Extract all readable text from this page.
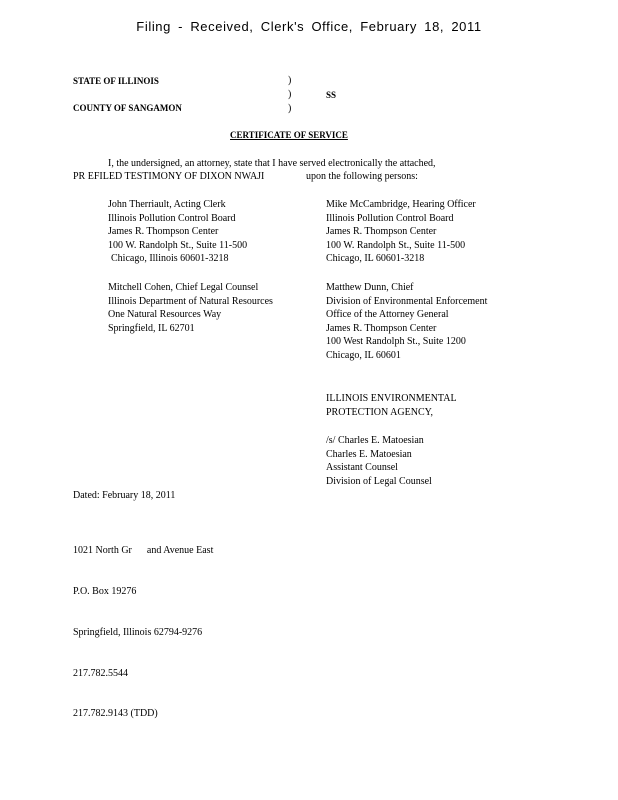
Filing - Received, Clerk's Office, February 18, 2011
STATE OF ILLINOIS
COUNTY OF SANGAMON
)
)
)
SS
CERTIFICATE OF SERVICE
I, the undersigned, an attorney, state that I have served electronically the attached,
PR EFILED TESTIMONY OF DIXON NWAJI	upon the following persons:
John Therriault, Acting Clerk
Illinois Pollution Control Board
James R. Thompson Center
100 W. Randolph St., Suite 11-500
Chicago, Illinois 60601-3218
Mike McCambridge, Hearing Officer
Illinois Pollution Control Board
James R. Thompson Center
100 W. Randolph St., Suite 11-500
Chicago, IL 60601-3218
Mitchell Cohen, Chief Legal Counsel
Illinois Department of Natural Resources
One Natural Resources Way
Springfield, IL 62701
Matthew Dunn, Chief
Division of Environmental Enforcement
Office of the Attorney General
James R. Thompson Center
100 West Randolph St., Suite 1200
Chicago, IL 60601
ILLINOIS ENVIRONMENTAL
PROTECTION AGENCY,
/s/ Charles E. Matoesian
Charles E. Matoesian
Assistant Counsel
Division of Legal Counsel
Dated: February 18, 2011

1021 North Gr      and Avenue East

P.O. Box 19276

Springfield, Illinois 62794-9276

217.782.5544

217.782.9143 (TDD)
